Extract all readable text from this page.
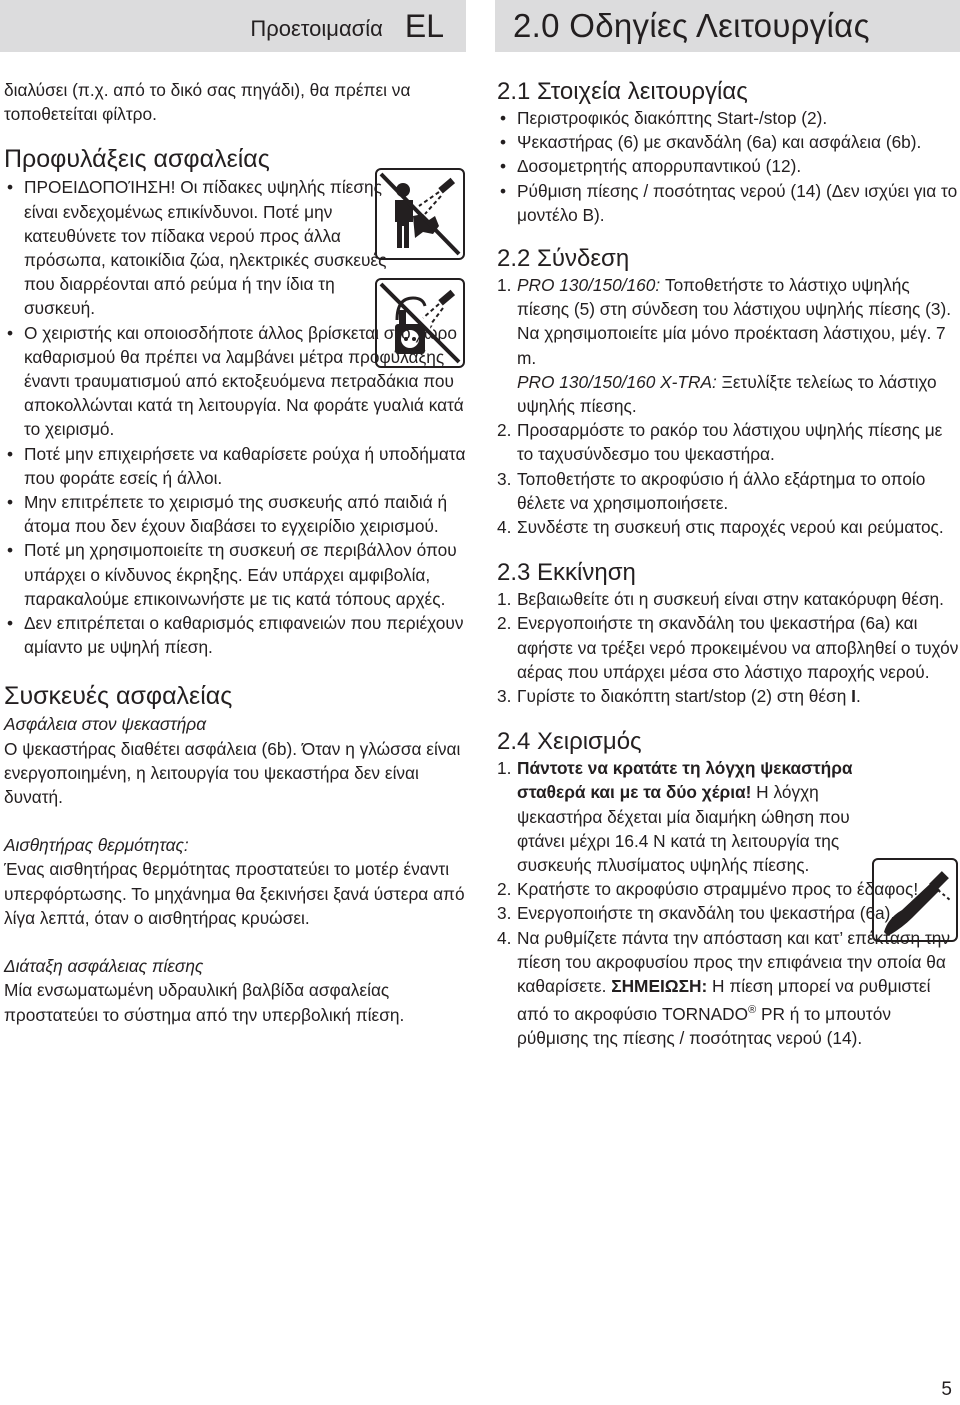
Προετοιμασία EL 2.0 Οδηγίες Λειτουργίας

διαλύσει (π.χ. από το δικό σας πηγάδι), θα πρέπει να τοποθετείται φίλτρο.

Προφυλάξεις ασφαλείας
• ΠΡΟΕΙΔΟΠΟΊΗΣΗ! Οι πίδακες υψηλής πίεσης είναι ενδεχομένως επικίνδυνοι. Ποτέ μην κατευθύνετε τον πίδακα νερού προς άλλα πρόσωπα, κατοικίδια ζώα, ηλεκτρικές συσκευές που διαρρέονται από ρεύμα ή την ίδια τη συσκευή.
• Ο χειριστής και οποιοσδήποτε άλλος βρίσκεται στο χώρο καθαρισμού θα πρέπει να λαμβάνει μέτρα προφύλαξης έναντι τραυματισμού από εκτοξευόμενα πετραδάκια που αποκολλώνται κατά τη λειτουργία. Να φοράτε γυαλιά κατά το χειρισμό.
• Ποτέ μην επιχειρήσετε να καθαρίσετε ρούχα ή υποδήματα που φοράτε εσείς ή άλλοι.
• Μην επιτρέπετε το χειρισμό της συσκευής από παιδιά ή άτομα που δεν έχουν διαβάσει το εγχειρίδιο χειρισμού.
• Ποτέ μη χρησιμοποιείτε τη συσκευή σε περιβάλλον όπου υπάρχει ο κίνδυνος έκρηξης. Εάν υπάρχει αμφιβολία, παρακαλούμε επικοινωνήστε με τις κατά τόπους αρχές.
• Δεν επιτρέπεται ο καθαρισμός επιφανειών που περιέχουν αμίαντο με υψηλή πίεση.
Συσκευές ασφαλείας

Ασφάλεια στον ψεκαστήρα

Ο ψεκαστήρας διαθέτει ασφάλεια (6b). Όταν η γλώσσα είναι ενεργοποιημένη, η λειτουργία του ψεκαστήρα δεν είναι δυνατή.

Αισθητήρας θερμότητας:

Ένας αισθητήρας θερμότητας προστατεύει το μοτέρ έναντι υπερφόρτωσης. Το μηχάνημα θα ξεκινήσει ξανά ύστερα από λίγα λεπτά, όταν ο αισθητήρας κρυώσει.

Διάταξη ασφάλειας πίεσης

Μία ενσωματωμένη υδραυλική βαλβίδα ασφαλείας προστατεύει το σύστημα από την υπερβολική πίεση.

2.1 Στοιχεία λειτουργίας
• Περιστροφικός διακόπτης Start-/stop (2).
• Ψεκαστήρας (6) με σκανδάλη (6a) και ασφάλεια (6b).
• Δοσομετρητής απορρυπαντικού (12).
• Ρύθμιση πίεσης / ποσότητας νερού (14) (Δεν ισχύει για το μοντέλο B).
2.2 Σύνδεση
1. PRO 130/150/160: Τοποθετήστε το λάστιχο υψηλής πίεσης (5) στη σύνδεση του λάστιχου υψηλής πίεσης (3).
Να χρησιμοποιείτε μία μόνο προέκταση λάστιχου, μέγ. 7 m.
PRO 130/150/160 X-TRA: Ξετυλίξτε τελείως το λάστιχο υψηλής πίεσης.
2. Προσαρμόστε το ρακόρ του λάστιχου υψηλής πίεσης με το ταχυσύνδεσμο του ψεκαστήρα.
3. Τοποθετήστε το ακροφύσιο ή άλλο εξάρτημα το οποίο θέλετε να χρησιμοποιήσετε.
4. Συνδέστε τη συσκευή στις παροχές νερού και ρεύματος.
2.3 Εκκίνηση
1. Βεβαιωθείτε ότι η συσκευή είναι στην κατακόρυφη θέση.
2. Ενεργοποιήστε τη σκανδάλη του ψεκαστήρα (6a) και αφήστε να τρέξει νερό προκειμένου να αποβληθεί ο τυχόν αέρας που υπάρχει μέσα στο λάστιχο παροχής νερού.
3. Γυρίστε το διακόπτη start/stop (2) στη θέση I.
2.4 Χειρισμός
1. Πάντοτε να κρατάτε τη λόγχη ψεκαστήρα σταθερά και με τα δύο χέρια! Η λόγχη ψεκαστήρα δέχεται μία διαμήκη ώθηση που φτάνει μέχρι 16.4 N κατά τη λειτουργία της συσκευής πλυσίματος υψηλής πίεσης.
2. Κρατήστε το ακροφύσιο στραμμένο προς το έδαφος!
3. Ενεργοποιήστε τη σκανδάλη του ψεκαστήρα (6a).
4. Να ρυθμίζετε πάντα την απόσταση και κατ’ επέκταση την πίεση του ακροφυσίου προς την επιφάνεια την οποία θα καθαρίσετε. ΣΗΜΕΙΩΣΗ: Η πίεση μπορεί να ρυθμιστεί από το ακροφύσιο TORNADO® PR ή το μπουτόν ρύθμισης της πίεσης / ποσότητας νερού (14).
5
